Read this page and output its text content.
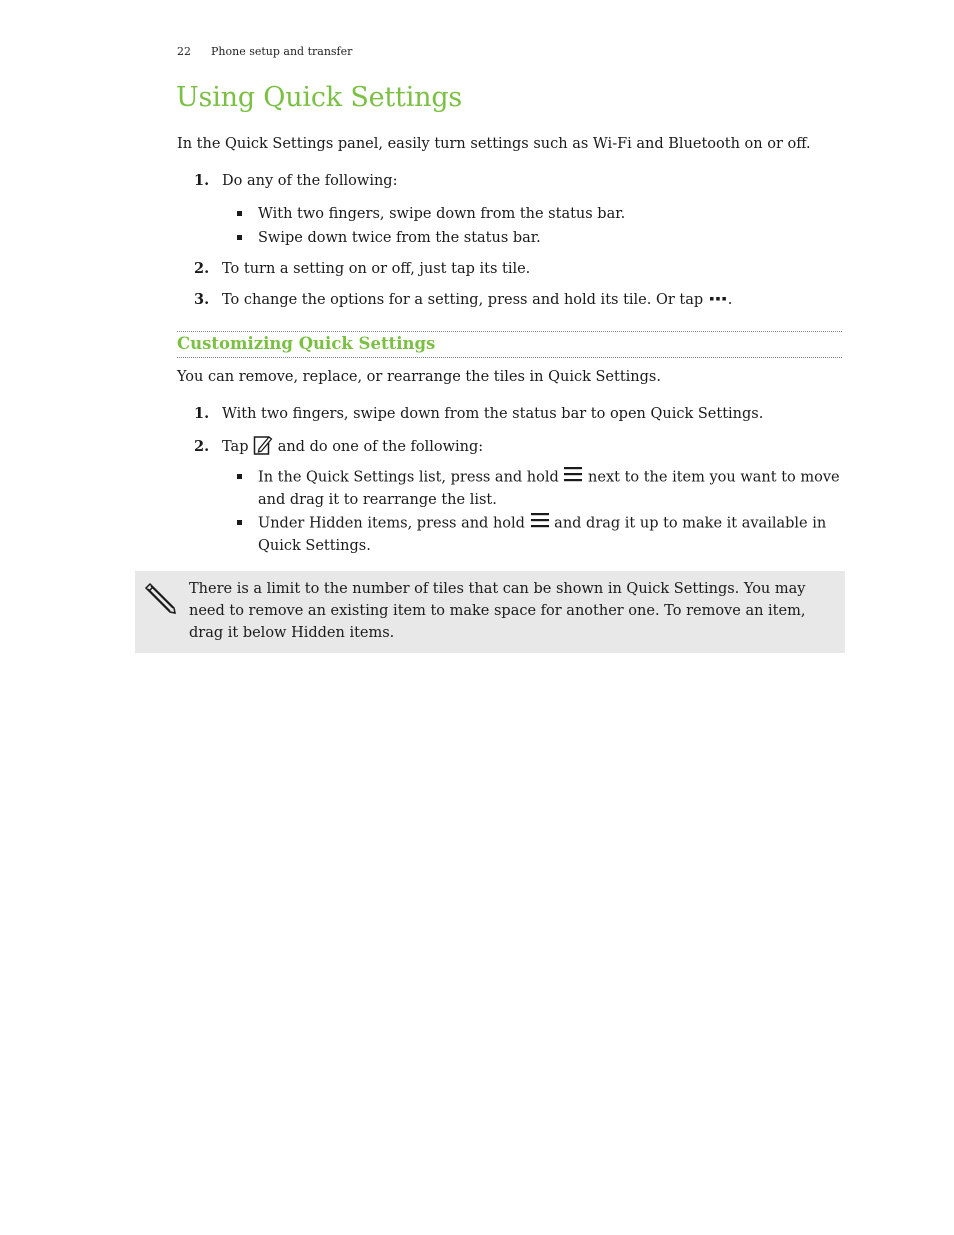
22 Phone setup and transfer
Using Quick Settings

In the Quick Settings panel, easily turn settings such as Wi-Fi and Bluetooth on or off.

1. Do any of the following:
With two fingers, swipe down from the status bar.
Swipe down twice from the status bar.
2. To turn a setting on or off, just tap its tile.
3. To change the options for a setting, press and hold its tile. Or tap .
Customizing Quick Settings

You can remove, replace, or rearrange the tiles in Quick Settings.

1. With two fingers, swipe down from the status bar to open Quick Settings.
2. Tap and do one of the following:
In the Quick Settings list, press and hold next to the item you want to move and drag it to rearrange the list.
Under Hidden items, press and hold and drag it up to make it available in Quick Settings.
There is a limit to the number of tiles that can be shown in Quick Settings. You may need to remove an existing item to make space for another one. To remove an item, drag it below Hidden items.
